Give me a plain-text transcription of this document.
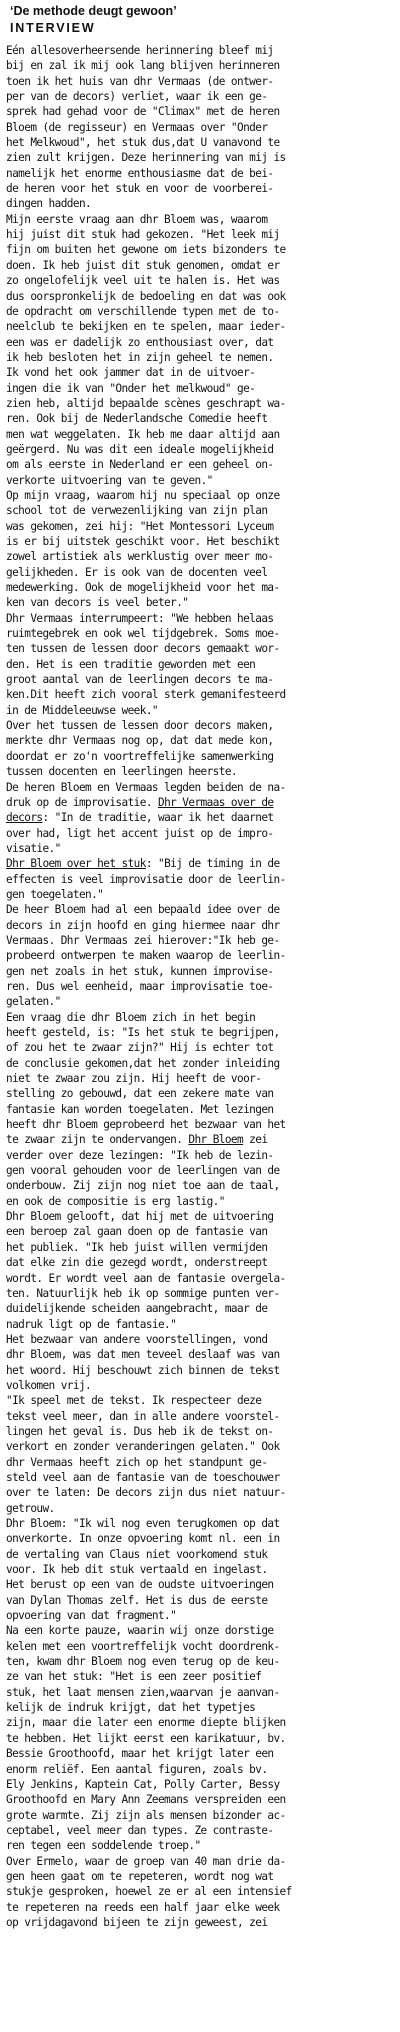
‘De methode deugt gewoon’
INTERVIEW
Eén allesoverheersende herinnering bleef mij
bij en zal ik mij ook lang blijven herinneren
toen ik het huis van dhr Vermaas (de ontwer-
per van de decors) verliet, waar ik een ge-
sprek had gehad voor de "Climax" met de heren
Bloem (de regisseur) en Vermaas over "Onder
het Melkwoud", het stuk dus,dat U vanavond te
zien zult krijgen. Deze herinnering van mij is
namelijk het enorme enthousiasme dat de bei-
de heren voor het stuk en voor de voorberei-
dingen hadden.
Mijn eerste vraag aan dhr Bloem was, waarom
hij juist dit stuk had gekozen. "Het leek mij
fijn om buiten het gewone om iets bizonders te
doen. Ik heb juist dit stuk genomen, omdat er
zo ongelofelijk veel uit te halen is. Het was
dus oorspronkelijk de bedoeling en dat was ook
de opdracht om verschillende typen met de to-
neelclub te bekijken en te spelen, maar ieder-
een was er dadelijk zo enthousiast over, dat
ik heb besloten het in zijn geheel te nemen.
Ik vond het ook jammer dat in de uitvoer-
ingen die ik van "Onder het melkwoud" ge-
zien heb, altijd bepaalde scènes geschrapt wa-
ren. Ook bij de Nederlandsche Comedie heeft
men wat weggelaten. Ik heb me daar altijd aan
geërgerd. Nu was dit een ideale mogelijkheid
om als eerste in Nederland er een geheel on-
verkorte uitvoering van te geven."
Op mijn vraag, waarom hij nu speciaal op onze
school tot de verwezenlijking van zijn plan
was gekomen, zei hij: "Het Montessori Lyceum
is er bij uitstek geschikt voor. Het beschikt
zowel artistiek als werklustig over meer mo-
gelijkheden. Er is ook van de docenten veel
medewerking. Ook de mogelijkheid voor het ma-
ken van decors is veel beter."
Dhr Vermaas interrumpeert: "We hebben helaas
ruimtegebrek en ook wel tijdgebrek. Soms moe-
ten tussen de lessen door decors gemaakt wor-
den. Het is een traditie geworden met een
groot aantal van de leerlingen decors te ma-
ken.Dit heeft zich vooral sterk gemanifesteerd
in de Middeleeuwse week."
Over het tussen de lessen door decors maken,
merkte dhr Vermaas nog op, dat dat mede kon,
doordat er zo'n voortreffelijke samenwerking
tussen docenten en leerlingen heerste.
De heren Bloem en Vermaas legden beiden de na-
druk op de improvisatie. Dhr Vermaas over de
decors: "In de traditie, waar ik het daarnet
over had, ligt het accent juist op de impro-
visatie."
Dhr Bloem over het stuk: "Bij de timing in de
effecten is veel improvisatie door de leerlin-
gen toegelaten."
De heer Bloem had al een bepaald idee over de
decors in zijn hoofd en ging hiermee naar dhr
Vermaas. Dhr Vermaas zei hierover:"Ik heb ge-
probeerd ontwerpen te maken waarop de leerlin-
gen net zoals in het stuk, kunnen improvise-
ren. Dus wel eenheid, maar improvisatie toe-
gelaten."
Een vraag die dhr Bloem zich in het begin
heeft gesteld, is: "Is het stuk te begrijpen,
of zou het te zwaar zijn?" Hij is echter tot
de conclusie gekomen,dat het zonder inleiding
niet te zwaar zou zijn. Hij heeft de voor-
stelling zo gebouwd, dat een zekere mate van
fantasie kan worden toegelaten. Met lezingen
heeft dhr Bloem geprobeerd het bezwaar van het
te zwaar zijn te ondervangen. Dhr Bloem zei
verder over deze lezingen: "Ik heb de lezin-
gen vooral gehouden voor de leerlingen van de
onderbouw. Zij zijn nog niet toe aan de taal,
en ook de compositie is erg lastig."
Dhr Bloem gelooft, dat hij met de uitvoering
een beroep zal gaan doen op de fantasie van
het publiek. "Ik heb juist willen vermijden
dat elke zin die gezegd wordt, onderstreept
wordt. Er wordt veel aan de fantasie overgela-
ten. Natuurlijk heb ik op sommige punten ver-
duidelijkende scheiden aangebracht, maar de
nadruk ligt op de fantasie."
Het bezwaar van andere voorstellingen, vond
dhr Bloem, was dat men teveel deslaaf was van
het woord. Hij beschouwt zich binnen de tekst
volkomen vrij.
"Ik speel met de tekst. Ik respecteer deze
tekst veel meer, dan in alle andere voorstel-
lingen het geval is. Dus heb ik de tekst on-
verkort en zonder veranderingen gelaten." Ook
dhr Vermaas heeft zich op het standpunt ge-
steld veel aan de fantasie van de toeschouwer
over te laten: De decors zijn dus niet natuur-
getrouw.
Dhr Bloem: "Ik wil nog even terugkomen op dat
onverkorte. In onze opvoering komt nl. een in
de vertaling van Claus niet voorkomend stuk
voor. Ik heb dit stuk vertaald en ingelast.
Het berust op een van de oudste uitvoeringen
van Dylan Thomas zelf. Het is dus de eerste
opvoering van dat fragment."
Na een korte pauze, waarin wij onze dorstige
kelen met een voortreffelijk vocht doordrenk-
ten, kwam dhr Bloem nog even terug op de keu-
ze van het stuk: "Het is een zeer positief
stuk, het laat mensen zien,waarvan je aanvan-
kelijk de indruk krijgt, dat het typetjes
zijn, maar die later een enorme diepte blijken
te hebben. Het lijkt eerst een karikatuur, bv.
Bessie Groothoofd, maar het krijgt later een
enorm reliëf. Een aantal figuren, zoals bv.
Ely Jenkins, Kaptein Cat, Polly Carter, Bessy
Groothoofd en Mary Ann Zeemans verspreiden een
grote warmte. Zij zijn als mensen bizonder ac-
ceptabel, veel meer dan types. Ze contraste-
ren tegen een soddelende troep."
Over Ermelo, waar de groep van 40 man drie da-
gen heen gaat om te repeteren, wordt nog wat
stukje gesproken, hoewel ze er al een intensief
te repeteren na reeds een half jaar elke week
op vrijdagavond bijeen te zijn geweest, zei
